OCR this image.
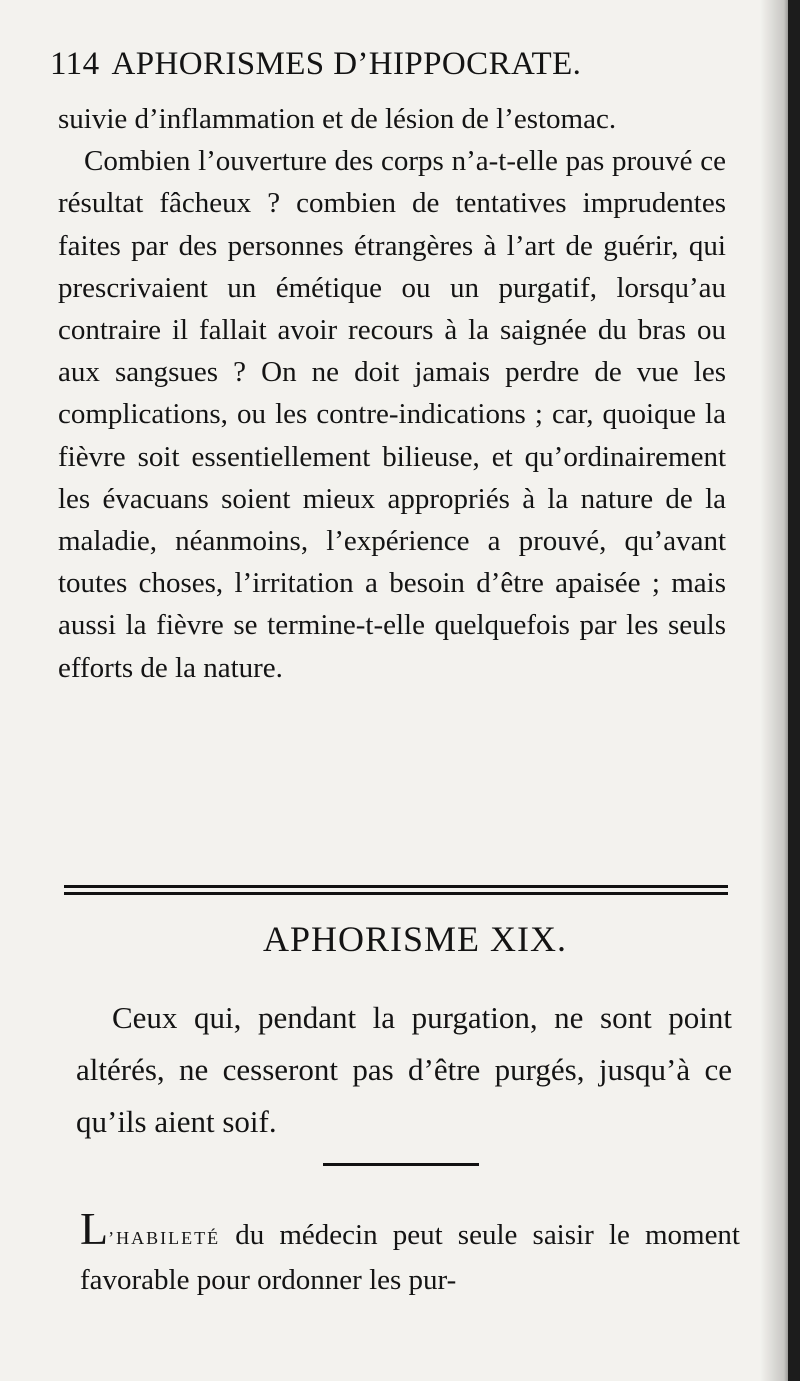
114 APHORISMES D’HIPPOCRATE.

suivie d’inflammation et de lésion de l’estomac.

Combien l’ouverture des corps n’a-t-elle pas prouvé ce résultat fâcheux ? combien de tentatives imprudentes faites par des personnes étrangères à l’art de guérir, qui prescrivaient un émétique ou un purgatif, lorsqu’au contraire il fallait avoir recours à la saignée du bras ou aux sangsues ? On ne doit jamais perdre de vue les complications, ou les contre-indications ; car, quoique la fièvre soit essentiellement bilieuse, et qu’ordinairement les évacuans soient mieux appropriés à la nature de la maladie, néanmoins, l’expérience a prouvé, qu’avant toutes choses, l’irritation a besoin d’être apaisée ; mais aussi la fièvre se termine-t-elle quelquefois par les seuls efforts de la nature.

APHORISME XIX.

Ceux qui, pendant la purgation, ne sont point altérés, ne cesseront pas d’être purgés, jusqu’à ce qu’ils aient soif.

L’HABILETÉ du médecin peut seule saisir le moment favorable pour ordonner les pur-
